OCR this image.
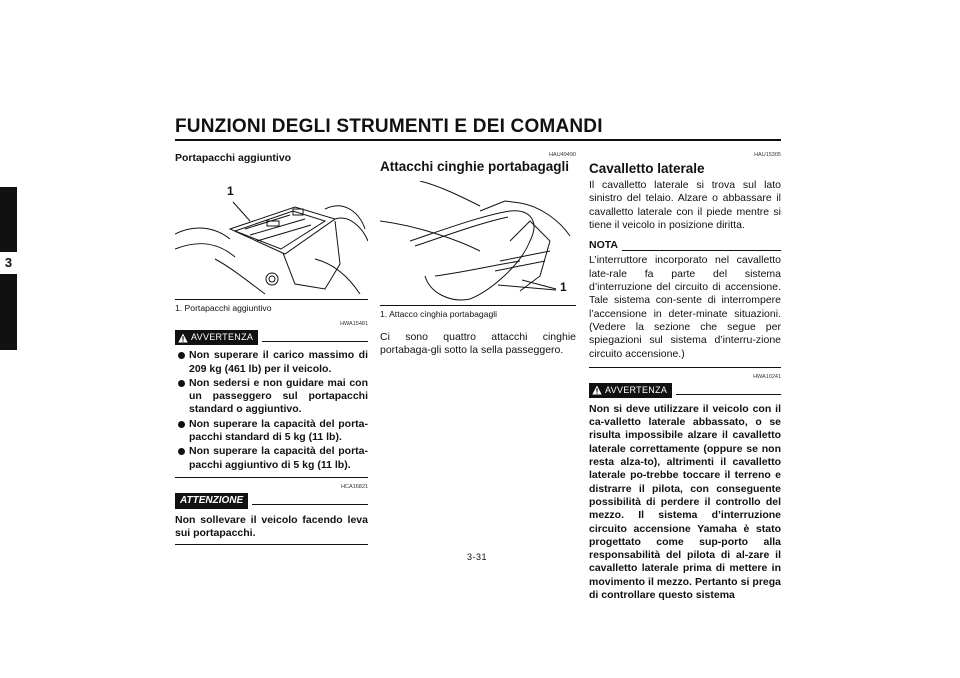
FUNZIONI DEGLI STRUMENTI E DEI COMANDI
3

Portapacchi aggiuntivo

1

1. Portapacchi aggiuntivo

HWA15481
AVVERTENZA
Non superare il carico massimo di 209 kg (461 lb) per il veicolo.
Non sedersi e non guidare mai con un passeggero sul portapacchi standard o aggiuntivo.
Non superare la capacità del porta-pacchi standard di 5 kg (11 lb).
Non superare la capacità del porta-pacchi aggiuntivo di 5 kg (11 lb).
HCA16821
ATTENZIONE

Non sollevare il veicolo facendo leva sui portapacchi.

HAU49490

Attacchi cinghie portabagagli

1

1. Attacco cinghia portabagagli

Ci sono quattro attacchi cinghie portabaga-gli sotto la sella passeggero.

HAU15305

Cavalletto laterale

Il cavalletto laterale si trova sul lato sinistro del telaio. Alzare o abbassare il cavalletto laterale con il piede mentre si tiene il veicolo in posizione diritta.

NOTA

L’interruttore incorporato nel cavalletto late-rale fa parte del sistema d’interruzione del circuito di accensione. Tale sistema con-sente di interrompere l’accensione in deter-minate situazioni. (Vedere la sezione che segue per spiegazioni sul sistema d’interru-zione circuito accensione.)

HWA10241
AVVERTENZA

Non si deve utilizzare il veicolo con il ca-valletto laterale abbassato, o se risulta impossibile alzare il cavalletto laterale correttamente (oppure se non resta alza-to), altrimenti il cavalletto laterale po-trebbe toccare il terreno e distrarre il pilota, con conseguente possibilità di perdere il controllo del mezzo. Il sistema d’interruzione circuito accensione Yamaha è stato progettato come sup-porto alla responsabilità del pilota di al-zare il cavalletto laterale prima di mettere in movimento il mezzo. Pertanto si prega di controllare questo sistema

3-31
